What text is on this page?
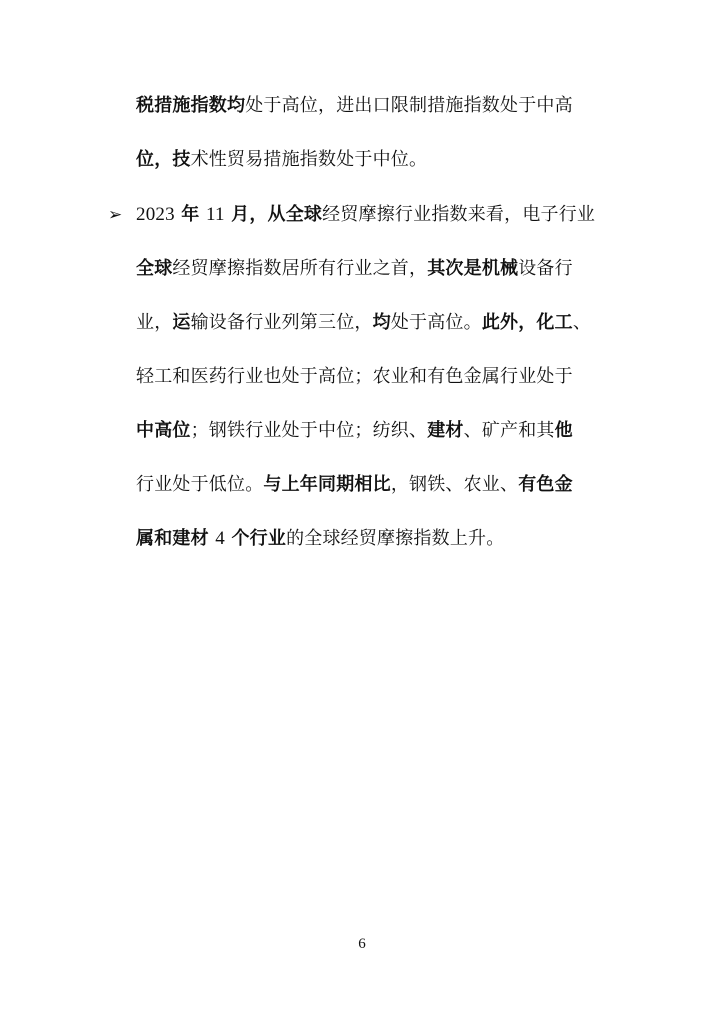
税措施指数均处于高位，进出口限制措施指数处于中高
位，技术性贸易措施指数处于中位。
➢ 2023 年 11 月，从全球经贸摩擦行业指数来看，电子行业
全球经贸摩擦指数居所有行业之首，其次是机械设备行
业，运输设备行业列第三位，均处于高位。此外，化工、
轻工和医药行业也处于高位；农业和有色金属行业处于
中高位；钢铁行业处于中位；纺织、建材、矿产和其他
行业处于低位。与上年同期相比，钢铁、农业、有色金
属和建材 4 个行业的全球经贸摩擦指数上升。
6
